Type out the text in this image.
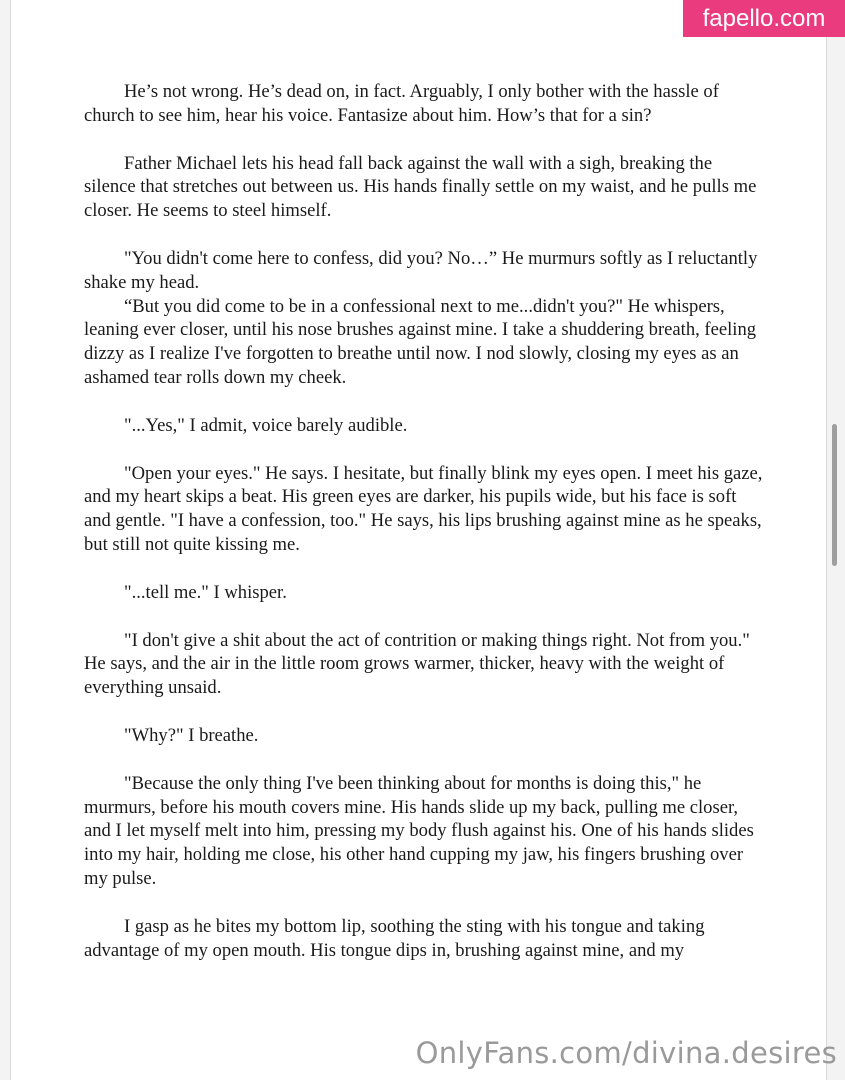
He’s not wrong. He’s dead on, in fact. Arguably, I only bother with the hassle of church to see him, hear his voice. Fantasize about him. How’s that for a sin?

Father Michael lets his head fall back against the wall with a sigh, breaking the silence that stretches out between us. His hands finally settle on my waist, and he pulls me closer. He seems to steel himself.

"You didn't come here to confess, did you? No…” He murmurs softly as I reluctantly shake my head.

“But you did come to be in a confessional next to me...didn't you?" He whispers, leaning ever closer, until his nose brushes against mine. I take a shuddering breath, feeling dizzy as I realize I've forgotten to breathe until now. I nod slowly, closing my eyes as an ashamed tear rolls down my cheek.

"...Yes," I admit, voice barely audible.

"Open your eyes." He says. I hesitate, but finally blink my eyes open. I meet his gaze, and my heart skips a beat. His green eyes are darker, his pupils wide, but his face is soft and gentle. "I have a confession, too." He says, his lips brushing against mine as he speaks, but still not quite kissing me.

"...tell me." I whisper.

"I don't give a shit about the act of contrition or making things right. Not from you." He says, and the air in the little room grows warmer, thicker, heavy with the weight of everything unsaid.

"Why?" I breathe.

"Because the only thing I've been thinking about for months is doing this," he murmurs, before his mouth covers mine. His hands slide up my back, pulling me closer, and I let myself melt into him, pressing my body flush against his. One of his hands slides into my hair, holding me close, his other hand cupping my jaw, his fingers brushing over my pulse.

I gasp as he bites my bottom lip, soothing the sting with his tongue and taking advantage of my open mouth. His tongue dips in, brushing against mine, and my

fapello.com
OnlyFans.com/divina.desires
